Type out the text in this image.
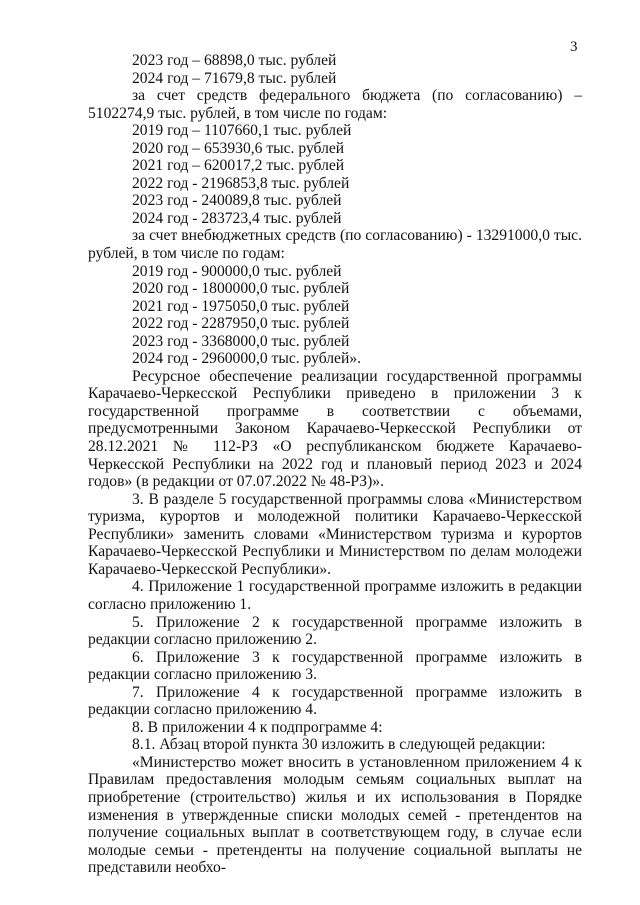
3

2023 год – 68898,0 тыс. рублей

2024 год – 71679,8 тыс. рублей

за счет средств федерального бюджета (по согласованию) – 5102274,9 тыс. рублей, в том числе по годам:

2019 год – 1107660,1 тыс. рублей

2020 год – 653930,6 тыс. рублей

2021 год – 620017,2 тыс. рублей

2022 год - 2196853,8 тыс. рублей

2023 год - 240089,8 тыс. рублей

2024 год - 283723,4 тыс. рублей

за счет внебюджетных средств (по согласованию) - 13291000,0 тыс. рублей, в том числе по годам:

2019 год - 900000,0 тыс. рублей

2020 год - 1800000,0 тыс. рублей

2021 год - 1975050,0 тыс. рублей

2022 год - 2287950,0 тыс. рублей

2023 год - 3368000,0 тыс. рублей

2024 год - 2960000,0 тыс. рублей».

Ресурсное обеспечение реализации государственной программы Карачаево-Черкесской Республики приведено в приложении 3 к государственной программе в соответствии с объемами, предусмотренными Законом Карачаево-Черкесской Республики от 28.12.2021 № 112-РЗ «О республиканском бюджете Карачаево-Черкесской Республики на 2022 год и плановый период 2023 и 2024 годов» (в редакции от 07.07.2022 № 48-РЗ)».

3. В разделе 5 государственной программы слова «Министерством туризма, курортов и молодежной политики Карачаево-Черкесской Республики» заменить словами «Министерством туризма и курортов Карачаево-Черкесской Республики и Министерством по делам молодежи Карачаево-Черкесской Республики».

4. Приложение 1 государственной программе изложить в редакции согласно приложению 1.

5. Приложение 2 к государственной программе изложить в редакции согласно приложению 2.

6. Приложение 3 к государственной программе изложить в редакции согласно приложению 3.

7. Приложение 4 к государственной программе изложить в редакции согласно приложению 4.

8. В приложении 4 к подпрограмме 4:

8.1. Абзац второй пункта 30 изложить в следующей редакции:

«Министерство может вносить в установленном приложением 4 к Правилам предоставления молодым семьям социальных выплат на приобретение (строительство) жилья и их использования в Порядке изменения в утвержденные списки молодых семей - претендентов на получение социальных выплат в соответствующем году, в случае если молодые семьи - претенденты на получение социальной выплаты не представили необхо-
